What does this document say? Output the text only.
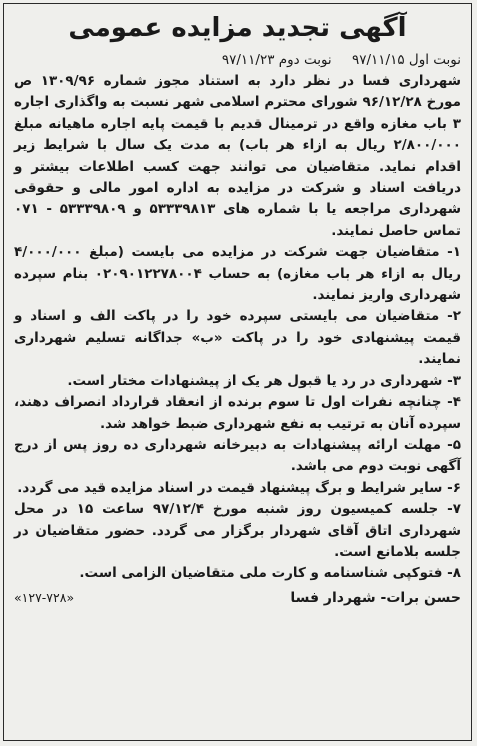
آگهی تجدید مزایده عمومی

نوبت اول ۹۷/۱۱/۱۵ نوبت دوم ۹۷/۱۱/۲۳

شهرداری فسا در نظر دارد به استناد مجوز شماره ۱۳۰۹/۹۶ ص مورخ ۹۶/۱۲/۲۸ شورای محترم اسلامی شهر نسبت به واگذاری اجاره ۳ باب مغازه واقع در ترمینال قدیم با قیمت پایه اجاره ماهیانه مبلغ ۲/۸۰۰/۰۰۰ ریال به ازاء هر باب) به مدت یک سال با شرایط زیر اقدام نماید. متقاضیان می توانند جهت کسب اطلاعات بیشتر و دریافت اسناد و شرکت در مزایده به اداره امور مالی و حقوقی شهرداری مراجعه یا با شماره های ۵۳۳۳۹۸۱۳ و ۵۳۳۳۹۸۰۹ - ۰۷۱ تماس حاصل نمایند.

۱- متقاضیان جهت شرکت در مزایده می بایست (مبلغ ۴/۰۰۰/۰۰۰ ریال به ازاء هر باب مغازه) به حساب ۰۲۰۹۰۱۲۲۷۸۰۰۴ بنام سپرده شهرداری واریز نمایند.

۲- متقاضیان می بایستی سپرده خود را در پاکت الف و اسناد و قیمت پیشنهادی خود را در پاکت «ب» جداگانه تسلیم شهرداری نمایند.

۳- شهرداری در رد یا قبول هر یک از پیشنهادات مختار است.

۴- چنانچه نفرات اول تا سوم برنده از انعقاد قرارداد انصراف دهند، سپرده آنان به ترتیب به نفع شهرداری ضبط خواهد شد.

۵- مهلت ارائه پیشنهادات به دبیرخانه شهرداری ده روز پس از درج آگهی نوبت دوم می باشد.

۶- سایر شرایط و برگ پیشنهاد قیمت در اسناد مزایده قید می گردد.

۷- جلسه کمیسیون روز شنبه مورخ ۹۷/۱۲/۴ ساعت ۱۵ در محل شهرداری اتاق آقای شهردار برگزار می گردد. حضور متقاضیان در جلسه بلامانع است.

۸- فتوکپی شناسنامه و کارت ملی متقاضیان الزامی است.

حسن برات- شهردار فسا
«۱۲۷-۷۲۸»
